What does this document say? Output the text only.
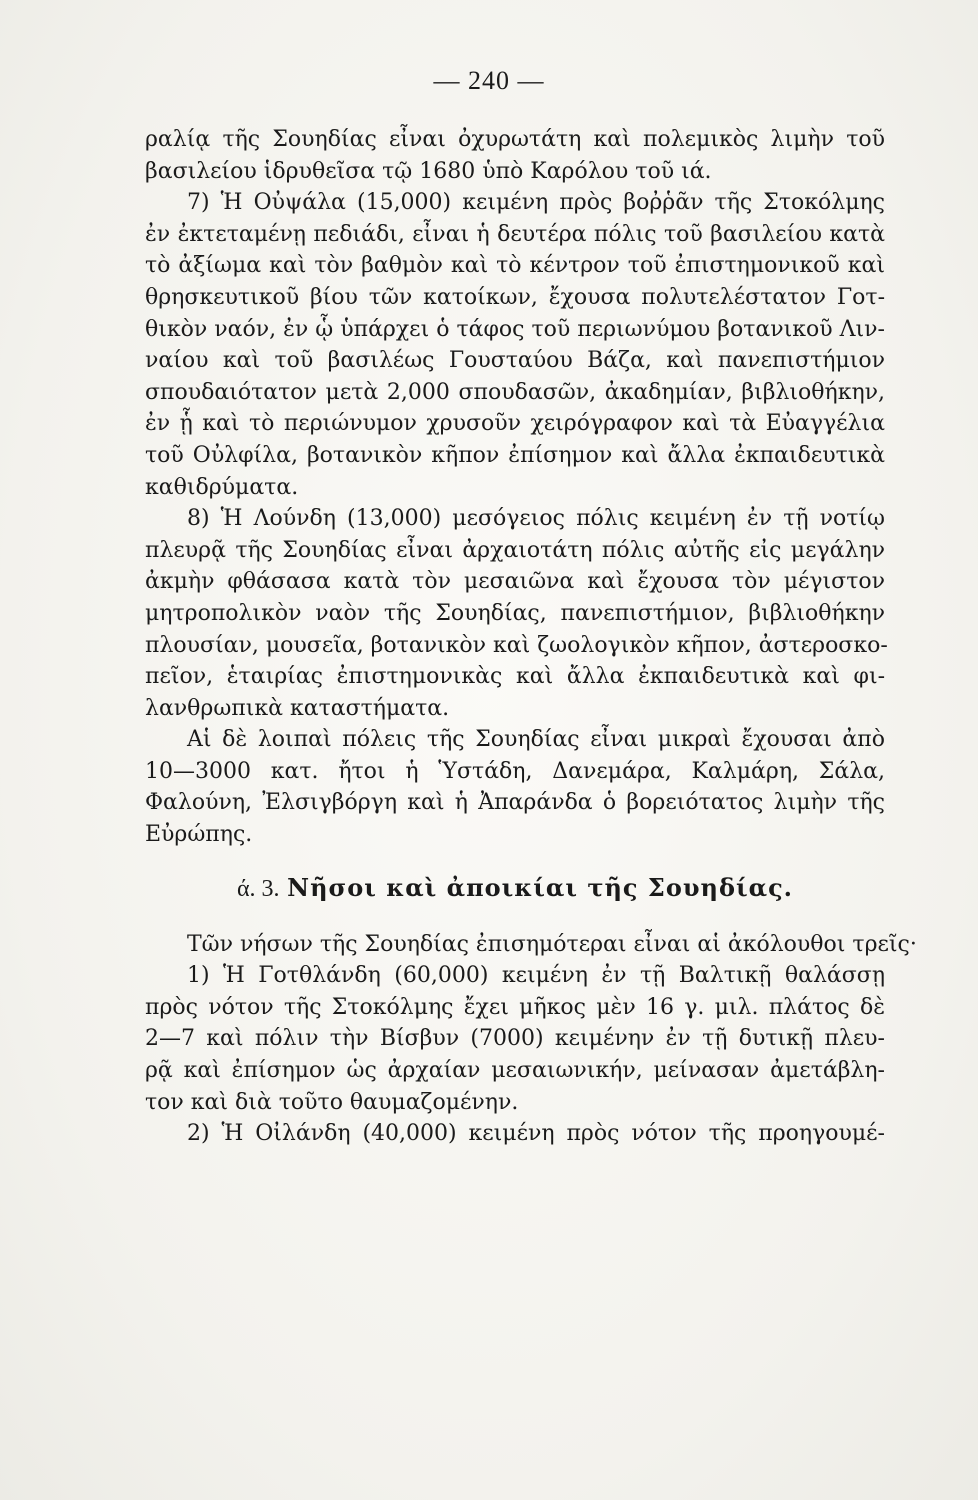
— 240 —
ραλίᾳ τῆς Σουηδίας εἶναι ὀχυρωτάτη καὶ πολεμικὸς λιμὴν τοῦ
βασιλείου ἱδρυθεῖσα τῷ 1680 ὑπὸ Καρόλου τοῦ ιά.
7) Ἡ Οὐψάλα (15,000) κειμένη πρὸς βοῤῥᾶν τῆς Στοκόλμης
ἐν ἐκτεταμένῃ πεδιάδι, εἶναι ἡ δευτέρα πόλις τοῦ βασιλείου κατὰ
τὸ ἀξίωμα καὶ τὸν βαθμὸν καὶ τὸ κέντρον τοῦ ἐπιστημονικοῦ καὶ
θρησκευτικοῦ βίου τῶν κατοίκων, ἔχουσα πολυτελέστατον Γοτ-
θικὸν ναόν, ἐν ᾧ ὑπάρχει ὁ τάφος τοῦ περιωνύμου βοτανικοῦ Λιν-
ναίου καὶ τοῦ βασιλέως Γουσταύου Βάζα, καὶ πανεπιστήμιον
σπουδαιότατον μετὰ 2,000 σπουδασῶν, ἀκαδημίαν, βιβλιοθήκην,
ἐν ᾗ καὶ τὸ περιώνυμον χρυσοῦν χειρόγραφον καὶ τὰ Εὐαγγέλια
τοῦ Οὐλφίλα, βοτανικὸν κῆπον ἐπίσημον καὶ ἄλλα ἐκπαιδευτικὰ
καθιδρύματα.
8) Ἡ Λούνδη (13,000) μεσόγειος πόλις κειμένη ἐν τῇ νοτίῳ
πλευρᾷ τῆς Σουηδίας εἶναι ἀρχαιοτάτη πόλις αὐτῆς εἰς μεγάλην
ἀκμὴν φθάσασα κατὰ τὸν μεσαιῶνα καὶ ἔχουσα τὸν μέγιστον
μητροπολικὸν ναὸν τῆς Σουηδίας, πανεπιστήμιον, βιβλιοθήκην
πλουσίαν, μουσεῖα, βοτανικὸν καὶ ζωολογικὸν κῆπον, ἀστεροσκο-
πεῖον, ἑταιρίας ἐπιστημονικὰς καὶ ἄλλα ἐκπαιδευτικὰ καὶ φι-
λανθρωπικὰ καταστήματα.
Αἱ δὲ λοιπαὶ πόλεις τῆς Σουηδίας εἶναι μικραὶ ἔχουσαι ἀπὸ
10—3000 κατ. ἤτοι ἡ Ὑστάδη, Δανεμάρα, Καλμάρη, Σάλα,
Φαλούνη, Ἐλσιγβόργη καὶ ἡ Ἀπαράνδα ὁ βορειότατος λιμὴν τῆς
Εὐρώπης.
ά. 3. Νῆσοι καὶ ἀποικίαι τῆς Σουηδίας.
Τῶν νήσων τῆς Σουηδίας ἐπισημότεραι εἶναι αἱ ἀκόλουθοι τρεῖς·
1) Ἡ Γοτθλάνδη (60,000) κειμένη ἐν τῇ Βαλτικῇ θαλάσσῃ
πρὸς νότον τῆς Στοκόλμης ἔχει μῆκος μὲν 16 γ. μιλ. πλάτος δὲ
2—7 καὶ πόλιν τὴν Βίσβυν (7000) κειμένην ἐν τῇ δυτικῇ πλευ-
ρᾷ καὶ ἐπίσημον ὡς ἀρχαίαν μεσαιωνικήν, μείνασαν ἀμετάβλη-
τον καὶ διὰ τοῦτο θαυμαζομένην.
2) Ἡ Οἰλάνδη (40,000) κειμένη πρὸς νότον τῆς προηγουμέ-
